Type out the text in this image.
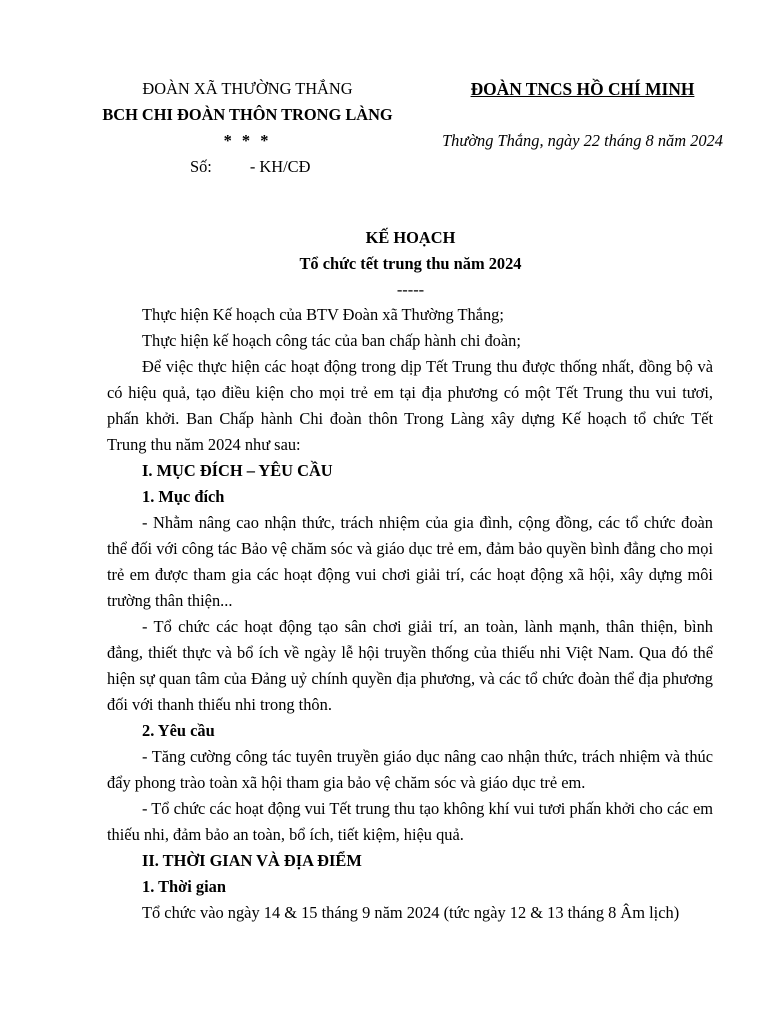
ĐOÀN XÃ THƯỜNG THẮNG
BCH CHI ĐOÀN THÔN TRONG LÀNG
* * *
Số: - KH/CĐ
ĐOÀN TNCS HỒ CHÍ MINH
Thường Thắng, ngày 22 tháng 8 năm 2024
KẾ HOẠCH
Tổ chức tết trung thu năm 2024
-----

Thực hiện Kế hoạch của BTV Đoàn xã Thường Thắng;

Thực hiện kế hoạch công tác của ban chấp hành chi đoàn;

Để việc thực hiện các hoạt động trong dịp Tết Trung thu được thống nhất, đồng bộ và có hiệu quả, tạo điều kiện cho mọi trẻ em tại địa phương có một Tết Trung thu vui tươi, phấn khởi. Ban Chấp hành Chi đoàn thôn Trong Làng xây dựng Kế hoạch tổ chức Tết Trung thu năm 2024 như sau:

I. MỤC ĐÍCH – YÊU CẦU

1. Mục đích

- Nhằm nâng cao nhận thức, trách nhiệm của gia đình, cộng đồng, các tổ chức đoàn thể đối với công tác Bảo vệ chăm sóc và giáo dục trẻ em, đảm bảo quyền bình đẳng cho mọi trẻ em được tham gia các hoạt động vui chơi giải trí, các hoạt động xã hội, xây dựng môi trường thân thiện...

- Tổ chức các hoạt động tạo sân chơi giải trí, an toàn, lành mạnh, thân thiện, bình đẳng, thiết thực và bổ ích về ngày lễ hội truyền thống của thiếu nhi Việt Nam. Qua đó thể hiện sự quan tâm của Đảng uỷ chính quyền địa phương, và các tổ chức đoàn thể địa phương đối với thanh thiếu nhi trong thôn.

2. Yêu cầu

- Tăng cường công tác tuyên truyền giáo dục nâng cao nhận thức, trách nhiệm và thúc đẩy phong trào toàn xã hội tham gia bảo vệ chăm sóc và giáo dục trẻ em.

- Tổ chức các hoạt động vui Tết trung thu tạo không khí vui tươi phấn khởi cho các em thiếu nhi, đảm bảo an toàn, bổ ích, tiết kiệm, hiệu quả.

II. THỜI GIAN VÀ ĐỊA ĐIỂM

1. Thời gian

Tổ chức vào ngày 14 & 15 tháng 9 năm 2024 (tức ngày 12 & 13 tháng 8 Âm lịch)
